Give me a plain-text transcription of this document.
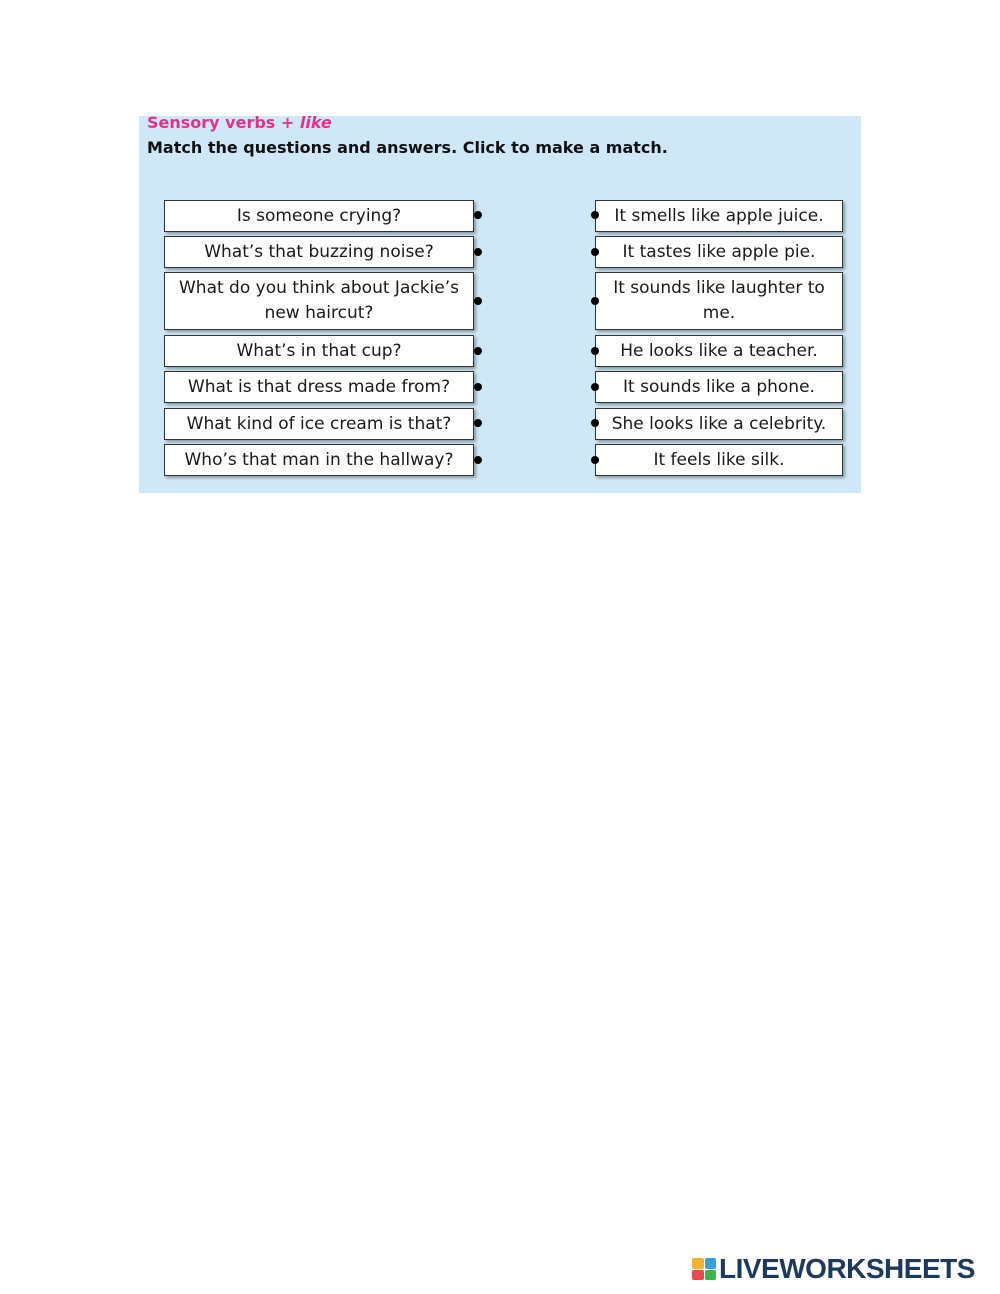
Sensory verbs + like
Match the questions and answers. Click to make a match.
Is someone crying?
What’s that buzzing noise?
What do you think about Jackie’s new haircut?
What’s in that cup?
What is that dress made from?
What kind of ice cream is that?
Who’s that man in the hallway?
It smells like apple juice.
It tastes like apple pie.
It sounds like laughter to me.
He looks like a teacher.
It sounds like a phone.
She looks like a celebrity.
It feels like silk.
LIVEWORKSHEETS
